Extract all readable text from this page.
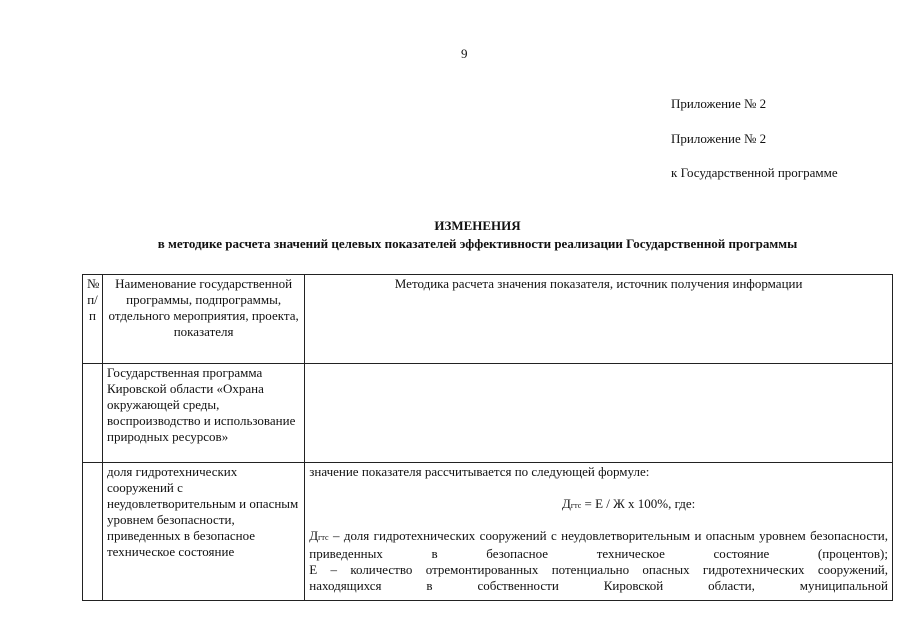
9
Приложение № 2
Приложение № 2
к Государственной программе
ИЗМЕНЕНИЯ
в методике расчета значений целевых показателей эффективности реализации Государственной программы
№
п/п	Наименование государственной программы, подпрограммы, отдельного мероприятия, проекта, показателя	Методика расчета значения показателя, источник получения информации
	Государственная программа Кировской области «Охрана окружающей среды, воспроизводство и использование природных ресурсов»	
	доля гидротехнических сооружений с неудовлетворительным и опасным уровнем безопасности, приведенных в безопасное техническое состояние	значение показателя рассчитывается по следующей формуле:
Дгтс = Е / Ж х 100%, где:
Дгтс – доля гидротехнических сооружений с неудовлетворительным и опасным уровнем безопасности, приведенных в безопасное техническое состояние (процентов);
Е – количество отремонтированных потенциально опасных гидротехнических сооружений, находящихся в собственности Кировской области, муниципальной
